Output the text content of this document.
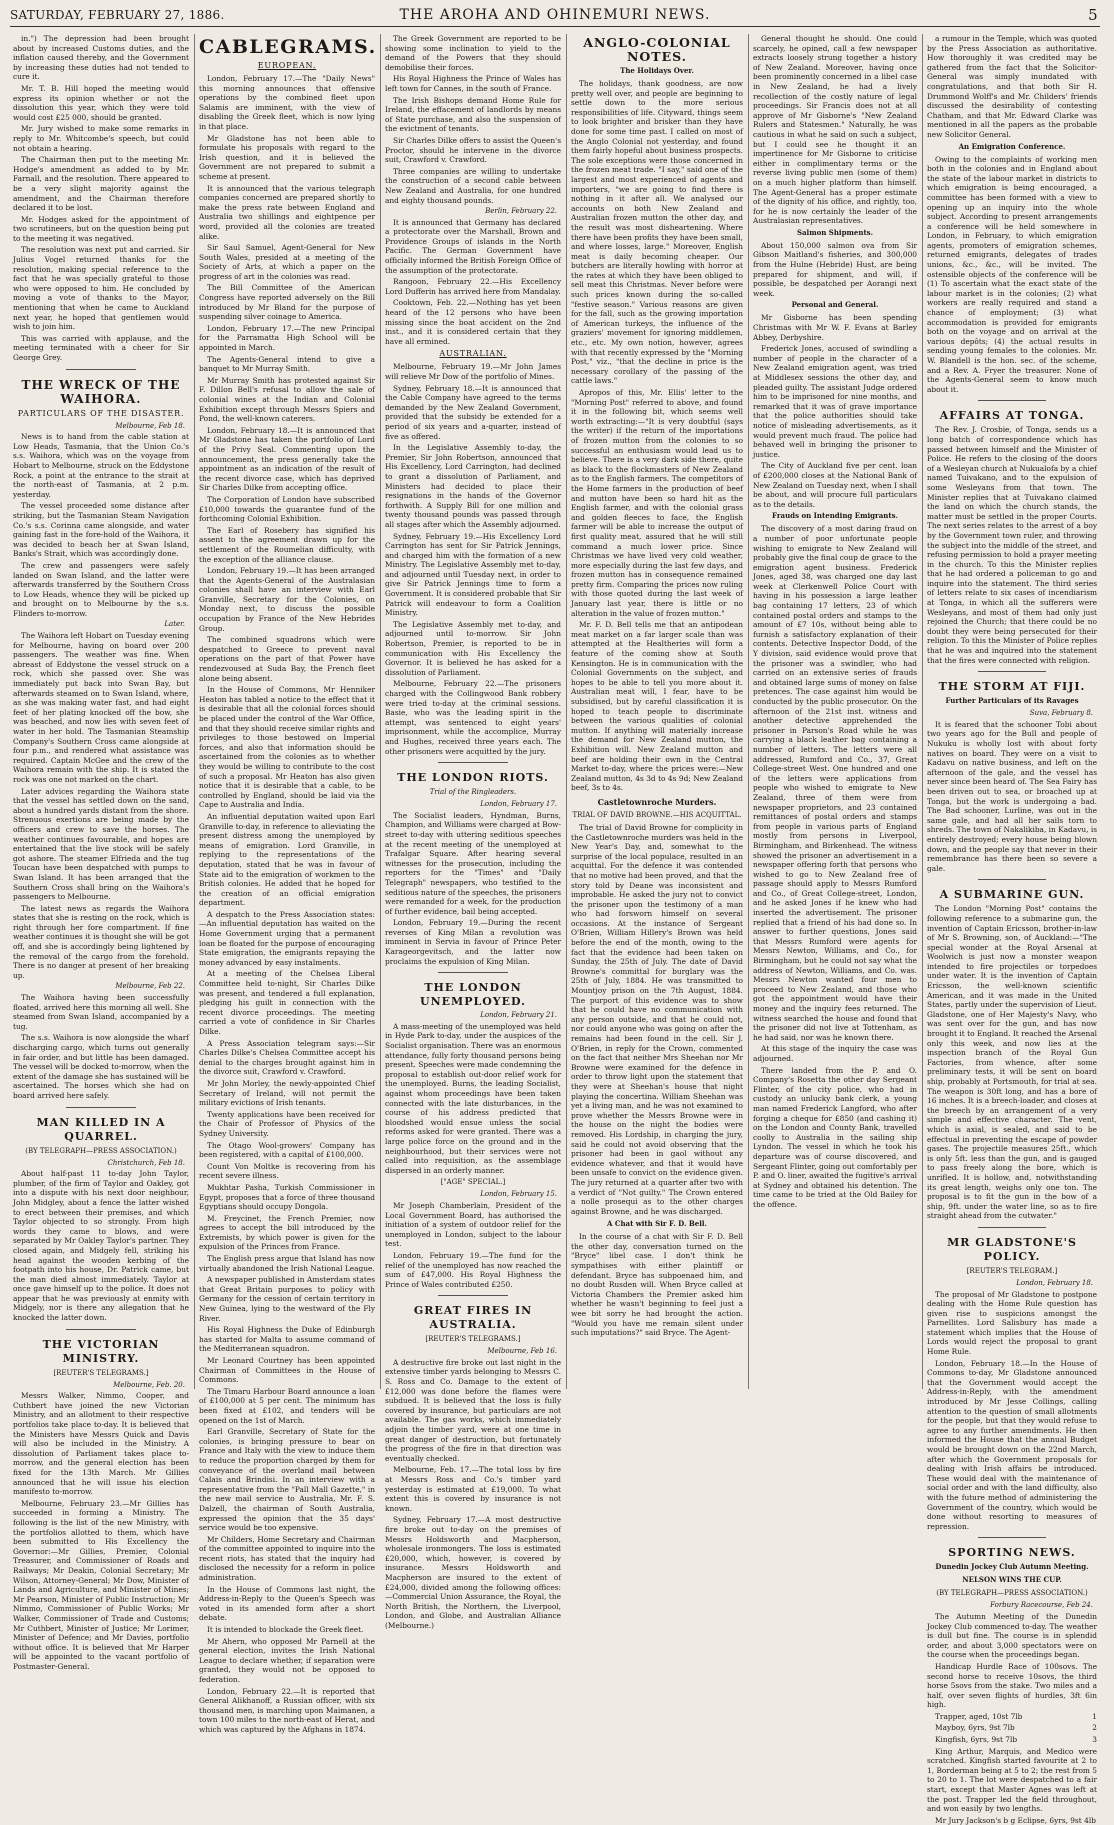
SATURDAY, FEBRUARY 27, 1886.	THE AROHA AND OHINEMURI NEWS.	5

in.") The depression had been brought about by increased Customs duties, and the inflation caused thereby, and the Government by increasing these duties had not tended to cure it.

Mr. T. B. Hill hoped the meeting would express its opinion whether or not the dissolution this year, which they were told would cost £25 000, should be granted.

Mr. Jury wished to make some remarks in reply to Mr. Whitcombe's speech, but could not obtain a hearing.

The Chairman then put to the meeting Mr. Hodge's amendment as added to by Mr. Farnall, and the resolution. There appeared to be a very slight majority against the amendment, and the Chairman therefore declared it to be lost.

Mr. Hodges asked for the appointment of two scrutineers, but on the question being put to the meeting it was negatived.

The resolution was next put and carried. Sir Julius Vogel returned thanks for the resolution, making special reference to the fact that he was specially grateful to those who were opposed to him. He concluded by moving a vote of thanks to the Mayor, mentioning that when he came to Auckland next year, he hoped that gentlemen would wish to join him.

This was carried with applause, and the meeting terminated with a cheer for Sir George Grey.

THE WRECK OF THE WAIHORA.
PARTICULARS OF THE DISASTER.
Melbourne, Feb 18.

News is to hand from the cable station at Low Heads, Tasmania, that the Union Co.'s s.s. Waihora, which was on the voyage from Hobart to Melbourne, struck on the Eddystone Rock, a point at the entrance to the strait at the north-east of Tasmania, at 2 p.m. yesterday.

The vessel proceeded some distance after striking, but the Tasmanian Steam Navigation Co.'s s.s. Corinna came alongside, and water gaining fast in the fore-hold of the Waihora, it was decided to beach her at Swan Island, Banks's Strait, which was accordingly done.

The crew and passengers were safely landed on Swan Island, and the latter were afterwards transferred by the Southern Cross to Low Heads, whence they will be picked up and brought on to Melbourne by the s.s. Flinders to-morrow.

Later.

The Waihora left Hobart on Tuesday evening for Melbourne, having on board over 200 passengers. The weather was fine. When abreast of Eddystone the vessel struck on a rock, which she passed over. She was immediately put back into Swan Bay, but afterwards steamed on to Swan Island, where, as she was making water fast, and had eight feet of her plating knocked off the bow, she was beached, and now lies with seven feet of water in her hold. The Tasmanian Steamship Company's Southern Cross came alongside at four p.m., and rendered what assistance was required. Captain McGee and the crew of the Waihora remain with the ship. It is stated the rock was one not marked on the chart.

Later advices regarding the Waihora state that the vessel has settled down on the sand, about a hundred yards distant from the shore. Strenuous exertions are being made by the officers and crew to save the horses. The weather continues favourable, and hopes are entertained that the live stock will be safely got ashore. The steamer Elfrieda and the tug Toucan have been despatched with pumps to Swan Island. It has been arranged that the Southern Cross shall bring on the Waihora's passengers to Melbourne.

The latest news as regards the Waihora states that she is resting on the rock, which is right through her fore compartment. If fine weather continues it is thought she will be got off, and she is accordingly being lightened by the removal of the cargo from the forehold. There is no danger at present of her breaking up.

Melbourne, Feb 22.

The Waihora having been successfully floated, arrived here this morning all well. She steamed from Swan Island, accompanied by a tug.

The s.s. Waihora is now alongside the wharf discharging cargo, which turns out generally in fair order, and but little has been damaged. The vessel will be docked to-morrow, when the extent of the damage she has sustained will be ascertained. The horses which she had on board arrived here safely.

MAN KILLED IN A QUARREL.
(BY TELEGRAPH—PRESS ASSOCIATION.)
Christchurch, Feb 18.

About half-past 11 to-day John Taylor, plumber, of the firm of Taylor and Oakley, got into a dispute with his next door neighbour, John Midgley, about a fence the latter wished to erect between their premises, and which Taylor objected to so strongly. From high words they came to blows, and were separated by Mr Oakley Taylor's partner. They closed again, and Midgely fell, striking his head against the wooden kerbing of the footpath into his house, Dr. Patrick came, but the man died almost immediately. Taylor at once gave himself up to the police. It does not appear that he was previously at enmity with Midgely, nor is there any allegation that he knocked the latter down.

THE VICTORIAN MINISTRY.
[REUTER'S TELEGRAMS.]
Melbourne, Feb. 20.

Messrs Walker, Nimmo, Cooper, and Cuthbert have joined the new Victorian Ministry, and an allotment to their respective portfolios take place to-day. It is believed that the Ministers have Messrs Quick and Davis will also be included in the Ministry. A dissolution of Parliament takes place to-morrow, and the general election has been fixed for the 13th March. Mr Gillies announced that he will issue his election manifesto to-morrow.

Melbourne, February 23.—Mr Gillies has succeeded in forming a Ministry. The following is the list of the new Ministry, with the portfolios allotted to them, which have been submitted to His Excellency the Governor:—Mr Gillies, Premier, Colonial Treasurer, and Commissioner of Roads and Railways; Mr Deakin, Colonial Secretary; Mr Wilson, Attorney-General; Mr Dow, Minister of Lands and Agriculture, and Minister of Mines; Mr Pearson, Minister of Public Instruction; Mr Nimmo, Commissioner of Public Works; Mr Walker, Commissioner of Trade and Customs; Mr Cuthbert, Minister of Justice; Mr Lorimer, Minister of Defence; and Mr Davies, portfolio without office. It is believed that Mr Harper will be appointed to the vacant portfolio of Postmaster-General.

CABLEGRAMS.
EUROPEAN.

London, February 17.—The "Daily News" this morning announces that offensive operations by the combined fleet upon Salamis are imminent, with the view of disabling the Greek fleet, which is now lying in that place.

Mr Gladstone has not been able to formulate his proposals with regard to the Irish question, and it is believed the Government are not prepared to submit a scheme at present.

It is announced that the various telegraph companies concerned are prepared shortly to make the press rate between England and Australia two shillings and eightpence per word, provided all the colonies are treated alike.

Sir Saul Samuel, Agent-General for New South Wales, presided at a meeting of the Society of Arts, at which a paper on the progress of art in the colonies was read.

The Bill Committee of the American Congress have reported adversely on the Bill introduced by Mr Bland for the purpose of suspending silver coinage to America.

London, February 17.—The new Principal for the Parramatta High School will be appointed in March.

The Agents-General intend to give a banquet to Mr Murray Smith.

Mr Murray Smith has protested against Sir F. Dillon Bell's refusal to allow the sale of colonial wines at the Indian and Colonial Exhibition except through Messrs Spiers and Pond, the well-known caterers.

London, February 18.—It is announced that Mr Gladstone has taken the portfolio of Lord of the Privy Seal. Commenting upon the announcement, the press generally take the appointment as an indication of the result of the recent divorce case, which has deprived Sir Charles Dilke from accepting office.

The Corporation of London have subscribed £10,000 towards the guarantee fund of the forthcoming Colonial Exhibition.

The Earl of Rosebery has signified his assent to the agreement drawn up for the settlement of the Roumelian difficulty, with the exception of the alliance clause.

London, February 19.—It has been arranged that the Agents-General of the Australasian colonies shall have an interview with Earl Granville, Secretary for the Colonies, on Monday next, to discuss the possible occupation by France of the New Hebrides Group.

The combined squadrons which were despatched to Greece to prevent naval operations on the part of that Power have rendezvoused at Suda Bay, the French fleet alone being absent.

In the House of Commons, Mr Henniker Heaton has tabled a notice to the effect that it is desirable that all the colonial forces should be placed under the control of the War Office, and that they should receive similar rights and privileges to those bestowed on Imperial forces, and also that information should be ascertained from the colonies as to whether they would be willing to contribute to the cost of such a proposal. Mr Heaton has also given notice that it is desirable that a cable, to be controlled by England, should be laid via the Cape to Australia and India.

An influential deputation waited upon Earl Granville to-day, in reference to alleviating the present distress among the unemployed by means of emigration. Lord Granville, in replying to the representations of the deputation, stated that he was in favour of State aid to the emigration of workmen to the British colonies. He added that he hoped for the creation of an official emigration department.

A despatch to the Press Association states:—An influential deputation has waited on the Home Government urging that a permanent loan be floated for the purpose of encouraging State emigration, the emigrants repaying the money advanced by easy instalments.

At a meeting of the Chelsea Liberal Committee held to-night, Sir Charles Dilke was present, and tendered a full explanation, pledging his guilt in connection with the recent divorce proceedings. The meeting carried a vote of confidence in Sir Charles Dilke.

A Press Association telegram says:—Sir Charles Dilke's Chelsea Committee accept his denial to the charges brought against him in the divorce suit, Crawford v. Crawford.

Mr John Morley, the newly-appointed Chief Secretary of Ireland, will not permit the military evictions of Irish tenants.

Twenty applications have been received for the Chair of Professor of Physics of the Sydney University.

The Otago Wool-growers' Company has been registered, with a capital of £100,000.

Count Von Moltke is recovering from his recent severe illness.

Mukhtar Pasha, Turkish Commissioner in Egypt, proposes that a force of three thousand Egyptians should occupy Dongola.

M. Freycinet, the French Premier, now agrees to accept the bill introduced by the Extremists, by which power is given for the expulsion of the Princes from France.

The English press argue that Island has now virtually abandoned the Irish National League.

A newspaper published in Amsterdam states that Great Britain purposes to policy with Germany for the cession of certain territory in New Guinea, lying to the westward of the Fly River.

His Royal Highness the Duke of Edinburgh has started for Malta to assume command of the Mediterranean squadron.

Mr Leonard Courtney has been appointed Chairman of Committees in the House of Commons.

The Timaru Harbour Board announce a loan of £100,000 at 5 per cent. The minimum has been fixed at £102, and tenders will be opened on the 1st of March.

Earl Granville, Secretary of State for the colonies, is bringing pressure to bear on France and Italy with the view to induce them to reduce the proportion charged by them for conveyance of the overland mail between Calais and Brindisi. In an interview with a representative from the "Pall Mall Gazette," in the new mail service to Australia, Mr. F. S. Dalzell, the chairman of South Australia, expressed the opinion that the 35 days' service would be too expensive.

Mr Childers, Home Secretary and Chairman of the committee appointed to inquire into the recent riots, has stated that the inquiry had disclosed the necessity for a reform in police administration.

In the House of Commons last night, the Address-in-Reply to the Queen's Speech was voted in its amended form after a short debate.

It is intended to blockade the Greek fleet.

Mr Ahern, who opposed Mr Parnell at the general election, invites the Irish National League to declare whether, if separation were granted, they would not be opposed to federation.

London, February 22.—It is reported that General Alikhanoff, a Russian officer, with six thousand men, is marching upon Maimanen, a town 100 miles to the north-east of Herat, and which was captured by the Afghans in 1874.

The Greek Government are reported to be showing some inclination to yield to the demand of the Powers that they should demobilise their forces.

His Royal Highness the Prince of Wales has left town for Cannes, in the south of France.

The Irish Bishops demand Home Rule for Ireland, the effacement of landlords by means of State purchase, and also the suspension of the evictment of tenants.

Sir Charles Dilke offers to assist the Queen's Proctor, should he intervene in the divorce suit, Crawford v. Crawford.

Three companies are willing to undertake the construction of a second cable between New Zealand and Australia, for one hundred and eighty thousand pounds.

Berlin, February 22.

It is announced that Germany has declared a protectorate over the Marshall, Brown and Providence Groups of islands in the North Pacific. The German Government have officially informed the British Foreign Office of the assumption of the protectorate.

Rangoon, February 22.—His Excellency Lord Dufferin has arrived here from Mandalay.

Cooktown, Feb. 22.—Nothing has yet been heard of the 12 persons who have been missing since the boat accident on the 2nd inst., and it is considered certain that they have all ermined.

AUSTRALIAN.

Melbourne, February 19.—Mr John James will relieve Mr Dow of the portfolio of Mines.

Sydney, February 18.—It is announced that the Cable Company have agreed to the terms demanded by the New Zealand Government, provided that the subsidy be extended for a period of six years and a-quarter, instead of five as offered.

In the Legislative Assembly to-day, the Premier, Sir John Robertson, announced that His Excellency, Lord Carrington, had declined to grant a dissolution of Parliament, and Ministers had decided to place their resignations in the hands of the Governor forthwith. A Supply Bill for one million and twenty thousand pounds was passed through all stages after which the Assembly adjourned.

Sydney, February 19.—His Excellency Lord Carrington has sent for Sir Patrick Jennings, and charged him with the formation of a new Ministry. The Legislative Assembly met to-day, and adjourned until Tuesday next, in order to give Sir Patrick Jennings time to form a Government. It is considered probable that Sir Patrick will endeavour to form a Coalition Ministry.

The Legislative Assembly met to-day, and adjourned until to-morrow. Sir John Robertson, Premier, is reported to be in communication with His Excellency the Governor. It is believed he has asked for a dissolution of Parliament.

Melbourne, February 22.—The prisoners charged with the Collingwood Bank robbery were tried to-day at the criminal sessions. Basie, who was the leading spirit in the attempt, was sentenced to eight years' imprisonment, while the accomplice, Murray and Hughes, received three years each. The other prisoners were acquitted by the jury.

THE LONDON RIOTS.
Trial of the Ringleaders.
London, February 17.

The Socialist leaders, Hyndman, Burns, Champion, and Williams were charged at Bow-street to-day with uttering seditious speeches at the recent meeting of the unemployed at Trafalgar Square. After hearing several witnesses for the prosecution, including the reporters for the "Times" and "Daily Telegraph" newspapers, who testified to the seditious nature of the speeches, the prisoners were remanded for a week, for the production of further evidence, bail being accepted.

London, February 19.—During the recent reverses of King Milan a revolution was imminent in Servia in favour of Prince Peter Karageorgevitsch, and the latter now proclaims the expulsion of King Milan.

THE LONDON UNEMPLOYED.
London, February 21.

A mass-meeting of the unemployed was held in Hyde Park to-day, under the auspices of the Socialist organisation. There was an enormous attendance, fully forty thousand persons being present. Speeches were made condemning the proposal to establish out-door relief work for the unemployed. Burns, the leading Socialist, against whom proceedings have been taken connected with the late disturbances, in the course of his address predicted that bloodshed would ensue unless the social reforms asked for were granted. There was a large police force on the ground and in the neighbourhood, but their services were not called into requisition, as the assemblage dispersed in an orderly manner.

["AGE" SPECIAL.]
London, February 15.

Mr Joseph Chamberlain, President of the Local Government Board, has authorised the initiation of a system of outdoor relief for the unemployed in London, subject to the labour test.

London, February 19.—The fund for the relief of the unemployed has now reached the sum of £47,000. His Royal Highness the Prince of Wales contributed £250.

GREAT FIRES IN AUSTRALIA.
[REUTER'S TELEGRAMS.]
Melbourne, Feb 16.

A destructive fire broke out last night in the extensive timber yards belonging to Messrs C. S. Ross and Co. Damage to the extent of £12,000 was done before the flames were subdued. It is believed that the loss is fully covered by insurance, but particulars are not available. The gas works, which immediately adjoin the timber yard, were at one time in great danger of destruction, but fortunately the progress of the fire in that direction was eventually checked.

Melbourne, Feb. 17.—The total loss by fire at Messrs Ross and Co.'s timber yard yesterday is estimated at £19,000. To what extent this is covered by insurance is not known.

Sydney, February 17.—A most destructive fire broke out to-day on the premises of Messrs Holdsworth and Macpherson, wholesale ironmongers. The loss is estimated £20,000, which, however, is covered by insurance. Messrs Holdsworth and Macpherson are insured to the extent of £24,000, divided among the following offices:—Commercial Union Assurance, the Royal, the North British, the Northern, the Liverpool, London, and Globe, and Australian Alliance (Melbourne.)

ANGLO-COLONIAL NOTES.
The Holidays Over.

The holidays, thank goodness, are now pretty well over, and people are beginning to settle down to the more serious responsibilities of life. Cityward, things seem to look brighter and brisker than they have done for some time past. I called on most of the Anglo Colonial not yesterday, and found them fairly hopeful about business prospects. The sole exceptions were those concerned in the frozen meat trade. "I say," said one of the largest and most experienced of agents and importers, "we are going to find there is nothing in it after all. We analysed our accounts on both New Zealand and Australian frozen mutton the other day, and the result was most disheartening. Where there have been profits they have been small, and where losses, large." Moreover, English meat is daily becoming cheaper. Our butchers are literally howling with horror at the rates at which they have been obliged to sell meat this Christmas. Never before were such prices known during the so-called "festive season." Various reasons are given for the fall, such as the growing importation of American turkeys, the influence of the graziers' movement for ignoring middlemen, etc., etc. My own notion, however, agrees with that recently expressed by the "Morning Post," viz., "that the decline in price is the necessary corollary of the passing of the cattle laws."

Apropos of this, Mr. Ellis' letter to the "Morning Post" referred to above, and found it in the following bit, which seems well worth extracting:—"It is very doubtful (says the writer) if the return of the importations of frozen mutton from the colonies to so successful an enthusiasm would lead us to believe. There is a very dark side there, quite as black to the flockmasters of New Zealand as to the English farmers. The competitors of the Home farmers in the production of beef and mutton have been so hard hit as the English farmer, and with the colonial grass and golden fleeces to face, the English farmer will be able to increase the output of first quality meat, assured that he will still command a much lower price. Since Christmas we have lived very cold weather, more especially during the last few days, and frozen mutton has in consequence remained pretty firm. Comparing the prices now ruling with those quoted during the last week of January last year, there is little or no alteration in the value of frozen mutton."

Mr. F. D. Bell tells me that an antipodean meat market on a far larger scale than was attempted at the Healtheries will form a feature of the coming show at South Kensington. He is in communication with the Colonial Governments on the subject, and hopes to be able to tell you more about it. Australian meat will, I fear, have to be subsidised, but by careful classification it is hoped to teach people to discriminate between the various qualities of colonial mutton. If anything will materially increase the demand for New Zealand mutton, the Exhibition will. New Zealand mutton and beef are holding their own in the Central Market to-day, where the prices were:—New Zealand mutton, 4s 3d to 4s 9d; New Zealand beef, 3s to 4s.

Castletownroche Murders.
TRIAL OF DAVID BROWNE.—HIS ACQUITTAL.

The trial of David Browne for complicity in the Castletownroche murders was held in the New Year's Day, and, somewhat to the surprise of the local populace, resulted in an acquittal. For the defence it was contended that no motive had been proved, and that the story told by Deane was inconsistent and improbable. He asked the jury not to convict the prisoner upon the testimony of a man who had forsworn himself on several occasions. At the instance of Sergeant O'Brien, William Hillery's Brown was held before the end of the month, owing to the fact that the evidence had been taken on Sunday, the 25th of July. The date of David Browne's committal for burglary was the 25th of July, 1884. He was transmitted to Mountjoy prison on the 7th August, 1884. The purport of this evidence was to show that he could have no communication with any person outside, and that he could not, nor could anyone who was going on after the remains had been found in the cell. Sir J. O'Brien, in reply for the Crown, commented on the fact that neither Mrs Sheehan nor Mr Browne were examined for the defence in order to throw light upon the statement that they were at Sheehan's house that night playing the concertina. William Sheehan was yet a living man, and he was not examined to prove whether the Messrs Browne were in the house on the night the bodies were removed. His Lordship, in charging the jury, said he could not avoid observing that the prisoner had been in gaol without any evidence whatever, and that it would have been unsafe to convict on the evidence given. The jury returned at a quarter after two with a verdict of "Not guilty." The Crown entered a nolle prosequi as to the other charges against Browne, and he was discharged.

A Chat with Sir F. D. Bell.

In the course of a chat with Sir F. D. Bell the other day, conversation turned on the "Bryce" libel case. I don't think he sympathises with either plaintiff or defendant. Bryce has subpoenaed him, and no doubt Rusden will. When Bryce called at Victoria Chambers the Premier asked him whether he wasn't beginning to feel just a wee bit sorry he had brought the action. "Would you have me remain silent under such imputations?" said Bryce. The Agent-

General thought he should. One could scarcely, he opined, call a few newspaper extracts loosely strung together a history of New Zealand. Moreover, having once been prominently concerned in a libel case in New Zealand, he had a lively recollection of the costly nature of legal proceedings. Sir Francis does not at all approve of Mr Gisborne's "New Zealand Rulers and Statesmen." Naturally, he was cautious in what he said on such a subject, but I could see he thought it an impertinence for Mr Gisborne to criticise either in complimentary terms or the reverse living public men (some of them) on a much higher platform than himself. The Agent-General has a proper estimate of the dignity of his office, and rightly, too, for he is now certainly the leader of the Australasian representatives.

Salmon Shipments.

About 150,000 salmon ova from Sir Gibson Maitland's fisheries, and 300,000 from the Hulne (Hebride) Hust, are being prepared for shipment, and will, if possible, be despatched per Aorangi next week.

Personal and General.

Mr Gisborne has been spending Christmas with Mr W. F. Evans at Barley Abbey, Derbyshire.

Frederick Jones, accused of swindling a number of people in the character of a New Zealand emigration agent, was tried at Middlesex sessions the other day, and pleaded guilty. The assistant Judge ordered him to be imprisoned for nine months, and remarked that it was of grave importance that the police authorities should take notice of misleading advertisements, as it would prevent much fraud. The police had behaved well in bringing the prisoner to justice.

The City of Auckland five per cent. loan of £200,000 closes at the National Bank of New Zealand on Tuesday next, when I shall be about, and will procure full particulars as to the details.

Frauds on Intending Emigrants.

The discovery of a most daring fraud on a number of poor unfortunate people wishing to emigrate to New Zealand will probably give the final coup de grace to the emigration agent business. Frederick Jones, aged 38, was charged one day last week at Clerkenwell Police Court with having in his possession a large leather bag containing 17 letters, 23 of which contained postal orders and stamps to the amount of £7 10s, without being able to furnish a satisfactory explanation of their contents. Detective Inspector Dodd, of the Y division, said evidence would prove that the prisoner was a swindler, who had carried on an extensive series of frauds and obtained large sums of money on false pretences. The case against him would be conducted by the public prosecutor. On the afternoon of the 21st inst. witness and another detective apprehended the prisoner in Parson's Road while he was carrying a black leather bag containing a number of letters. The letters were all addressed, Rumford and Co., 37, Great College-street West. One hundred and one of the letters were applications from people who wished to emigrate to New Zealand, three of them were from newspaper proprietors, and 23 contained remittances of postal orders and stamps from people in various parts of England mostly from persons in Liverpool, Birmingham, and Birkenhead. The witness showed the prisoner an advertisement in a newspaper offering forth that persons who wished to go to New Zealand free of passage should apply to Messrs Rumford and Co., of Great College-street, London, and he asked Jones if he knew who had inserted the advertisement. The prisoner replied that a friend of his had done so. In answer to further questions, Jones said that Messrs Rumford were agents for Messrs Newton, Williams, and Co., for Birmingham, but he could not say what the address of Newton, Williams, and Co. was. Messrs Newton wanted four men to proceed to New Zealand, and those who got the appointment would have their money and the inquiry fees returned. The witness searched the house and found that the prisoner did not live at Tottenham, as he had said, nor was he known there.

At this stage of the inquiry the case was adjourned.

There landed from the P. and O. Company's Rosetta the other day Sergeant Flinter, of the city police, who had in custody an unlucky bank clerk, a young man named Frederick Langford, who after forging a cheque for £850 (and cashing it) on the London and County Bank, travelled coolly to Australia in the sailing ship Lyndon. The vessel in which he took his departure was of course discovered, and Sergeant Flinter, going out comfortably per P. and O. liner, awaited the fugitive's arrival at Sydney and obtained his detention. The time came to be tried at the Old Bailey for the offence.

a rumour in the Temple, which was quoted by the Press Association as authoritative. How thoroughly it was credited may be gathered from the fact that the Solicitor-General was simply inundated with congratulations, and that both Sir H. Drummond Wolff's and Mr. Childers' friends discussed the desirability of contesting Chatham, and that Mr. Edward Clarke was mentioned in all the papers as the probable new Solicitor General.

An Emigration Conference.

Owing to the complaints of working men both in the colonies and in England about the state of the labour market in districts to which emigration is being encouraged, a committee has been formed with a view to opening up an inquiry into the whole subject. According to present arrangements a conference will be held somewhere in London, in February, to which emigration agents, promoters of emigration schemes, returned emigrants, delegates of trades unions, &c., &c., will be invited. The ostensible objects of the conference will be (1) To ascertain what the exact state of the labour market is in the colonies; (2) what workers are really required and stand a chance of employment; (3) what accommodation is provided for emigrants both on the voyage and on arrival at the various depôts; (4) the actual results in sending young females to the colonies. Mr. W. Blandell is the hon. sec. of the scheme, and a Rev. A. Fryer the treasurer. None of the Agents-General seem to know much about it.

AFFAIRS AT TONGA.

The Rev. J. Crosbie, of Tonga, sends us a long batch of correspondence which has passed between himself and the Minister of Police. He refers to the closing of the doors of a Wesleyan church at Nukualofa by a chief named Tuivakano, and to the expulsion of some Wesleyans from that town. The Minister replies that at Tuivakano claimed the land on which the church stands, the matter must be settled in the proper Courts. The next series relates to the arrest of a boy by the Government town ruler, and throwing the subject into the middle of the street, and refusing permission to hold a prayer meeting in the church. To this the Minister replies that he had ordered a policeman to go and inquire into the statement. The third series of letters relate to six cases of incendiarism at Tonga, in which all the sufferers were Wesleyans, and most of them had only just rejoined the Church; that there could be no doubt they were being persecuted for their religion. To this the Minister of Police replies that he was and inquired into the statement that the fires were connected with religion.

THE STORM AT FIJI.
Further Particulars of its Ravages
Suva, February 8.

It is feared that the schooner Tobi about two years ago for the Bull and people of Nukuku is wholly lost with about forty natives on board. They were on a visit to Kadavu on native business, and left on the afternoon of the gale, and the vessel has never since been heard of. The Sea Fairy has been driven out to sea, or broached up at Tonga, but the work is undergoing a bad. The Bad schooner, Lurline, was out in the same gale, and had all her sails torn to shreds. The town of Nakalikiba, in Kadavu, is entirely destroyed; every house being blown down, and the people say that never in their remembrance has there been so severe a gale.

A SUBMARINE GUN.

The London "Morning Post" contains the following reference to a submarine gun, the invention of Captain Ericsson, brother-in-law of Mr S. Browning, son, of Auckland:—"The special wonder at the Royal Arsenal at Woolwich is just now a monster weapon intended to fire projectiles or torpedoes under water. It is the invention of Captain Ericsson, the well-known scientific American, and it was made in the United States, partly under the supervision of Lieut. Gladstone, one of Her Majesty's Navy, who was sent over for the gun, and has now brought it to England. It reached the Arsenal only this week, and now lies at the inspection branch of the Royal Gun Factories, from whence, after some preliminary tests, it will be sent on board ship, probably at Portsmouth, for trial at sea. The weapon is 30ft long, and has a bore of 16 inches. It is a breech-loader, and closes at the breech by an arrangement of a very simple and effective character. The vent, which is axial, is sealed, and said to be effectual in preventing the escape of powder gases. The projectile measures 25ft., which is only 5ft. less than the gun, and is gauged to pass freely along the bore, which is unrifled. It is hollow, and, notwithstanding its great length, weighs only one ton. The proposal is to fit the gun in the bow of a ship, 9ft. under the water line, so as to fire straight ahead from the cutwater."

MR GLADSTONE'S POLICY.
[REUTER'S TELEGRAM.]
London, February 18.

The proposal of Mr Gladstone to postpone dealing with the Home Rule question has given rise to suspicions amongst the Parnellites. Lord Salisbury has made a statement which implies that the House of Lords would reject the proposal to grant Home Rule.

London, February 18.—In the House of Commons to-day, Mr Gladstone announced that the Government would accept the Address-in-Reply, with the amendment introduced by Mr Jesse Collings, calling attention to the question of small allotments for the people, but that they would refuse to agree to any further amendments. He then informed the House that the annual Budget would be brought down on the 22nd March, after which the Government proposals for dealing with Irish affairs be introduced. These would deal with the maintenance of social order and with the land difficulty, also with the future method of administering the Government of the country, which would be done without resorting to measures of repression.

SPORTING NEWS.
Dunedin Jockey Club Autumn Meeting.
NELSON WINS THE CUP.
(BY TELEGRAPH—PRESS ASSOCIATION.)
Forbury Racecourse, Feb 24.

The Autumn Meeting of the Dunedin Jockey Club commenced to-day. The weather is dull but fine. The course is in splendid order, and about 3,000 spectators were on the course when the proceedings began.

Handicap Hurdle Race of 100sovs. The second horse to receive 10sovs, the third horse 5sovs from the stake. Two miles and a half, over seven flights of hurdles, 3ft 6in high.

Trapper, aged, 10st 7lb	1

Mayboy, 6yrs, 9st 7lb	2

Kingfish, 6yrs, 9st 7lb	3

King Arthur, Marquis, and Medico were scratched. Kingfish started favourite at 2 to 1, Borderman being at 5 to 2; the rest from 5 to 20 to 1. The lot were despatched to a fair start, except that Master Agnes was left at the post. Trapper led the field throughout, and won easily by two lengths.

Mr Jury Jackson's b g Eclipse, 6yrs, 9st 4lb
